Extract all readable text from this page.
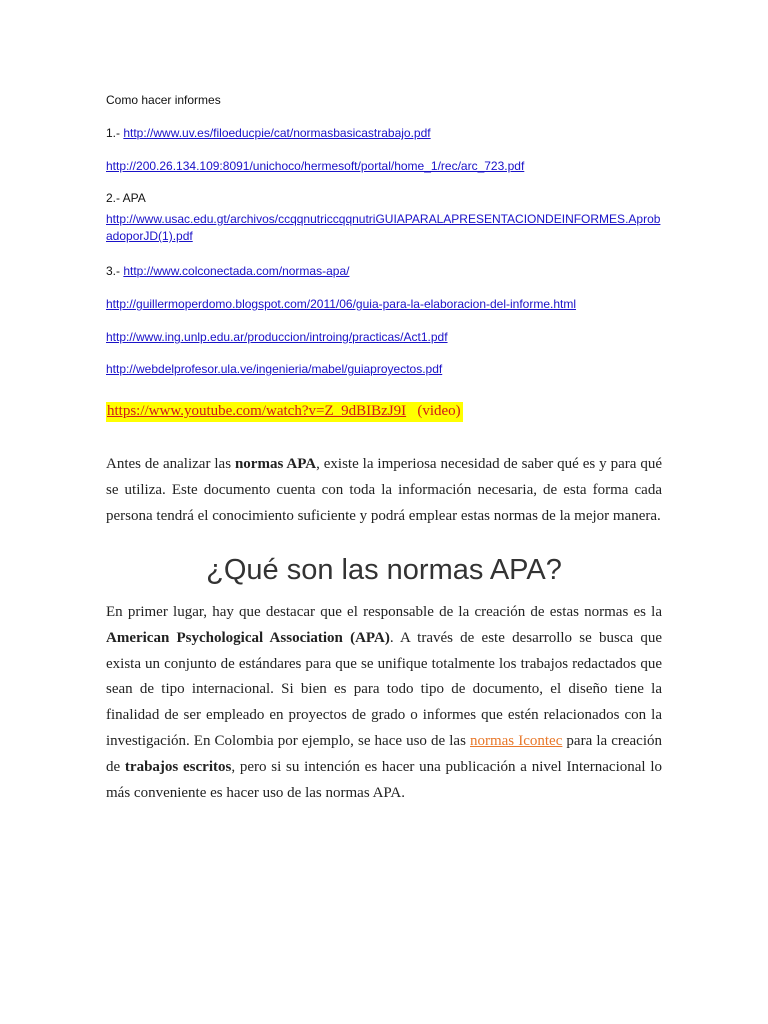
Como hacer informes
1.- http://www.uv.es/filoeducpie/cat/normasbasicastrabajo.pdf
http://200.26.134.109:8091/unichoco/hermesoft/portal/home_1/rec/arc_723.pdf
2.- APA
http://www.usac.edu.gt/archivos/ccqqnutriccqqnutriGUIAPARALAPRESENTACIONDEINFORMES.AprobadoporJD(1).pdf
3.- http://www.colconectada.com/normas-apa/
http://guillermoperdomo.blogspot.com/2011/06/guia-para-la-elaboracion-del-informe.html
http://www.ing.unlp.edu.ar/produccion/introing/practicas/Act1.pdf
http://webdelprofesor.ula.ve/ingenieria/mabel/guiaproyectos.pdf
https://www.youtube.com/watch?v=Z_9dBIBzJ9I (video)
Antes de analizar las normas APA, existe la imperiosa necesidad de saber qué es y para qué se utiliza. Este documento cuenta con toda la información necesaria, de esta forma cada persona tendrá el conocimiento suficiente y podrá emplear estas normas de la mejor manera.
¿Qué son las normas APA?
En primer lugar, hay que destacar que el responsable de la creación de estas normas es la American Psychological Association (APA). A través de este desarrollo se busca que exista un conjunto de estándares para que se unifique totalmente los trabajos redactados que sean de tipo internacional. Si bien es para todo tipo de documento, el diseño tiene la finalidad de ser empleado en proyectos de grado o informes que estén relacionados con la investigación. En Colombia por ejemplo, se hace uso de las normas Icontec para la creación de trabajos escritos, pero si su intención es hacer una publicación a nivel Internacional lo más conveniente es hacer uso de las normas APA.
